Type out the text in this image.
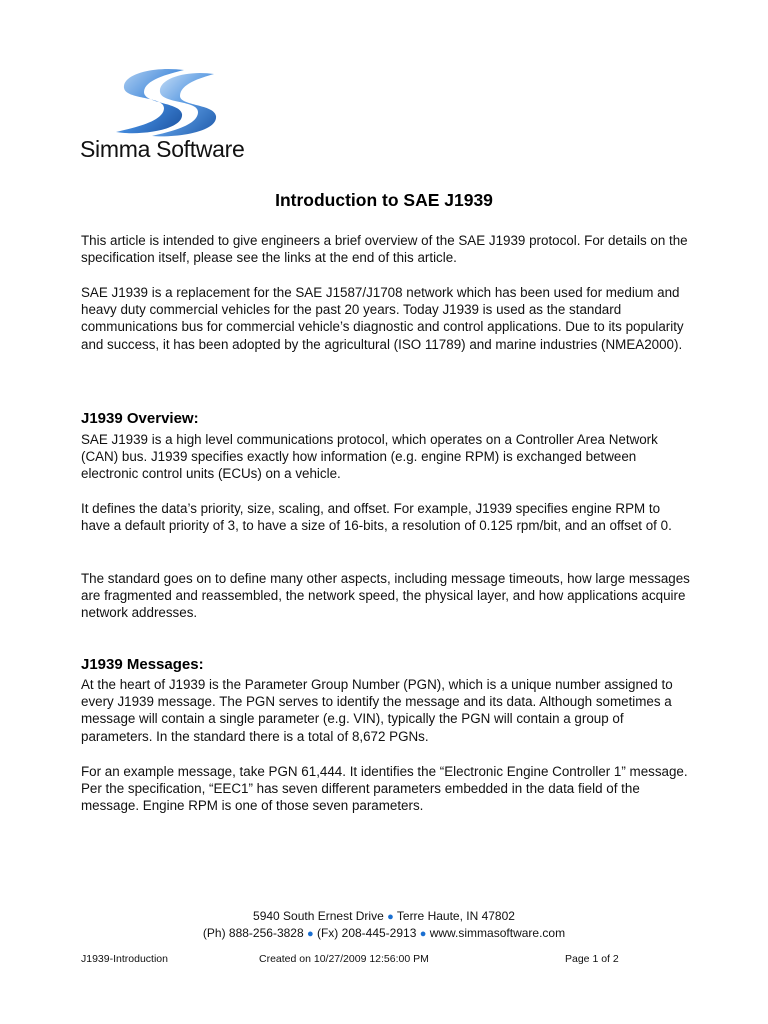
Simma Software
Introduction to SAE J1939

This article is intended to give engineers a brief overview of the SAE J1939 protocol. For details on the specification itself, please see the links at the end of this article.

SAE J1939 is a replacement for the SAE J1587/J1708 network which has been used for medium and heavy duty commercial vehicles for the past 20 years. Today J1939 is used as the standard communications bus for commercial vehicle’s diagnostic and control applications. Due to its popularity and success, it has been adopted by the agricultural (ISO 11789) and marine industries (NMEA2000).

J1939 Overview:

SAE J1939 is a high level communications protocol, which operates on a Controller Area Network (CAN) bus. J1939 specifies exactly how information (e.g. engine RPM) is exchanged between electronic control units (ECUs) on a vehicle.

It defines the data’s priority, size, scaling, and offset. For example, J1939 specifies engine RPM to have a default priority of 3, to have a size of 16-bits, a resolution of 0.125 rpm/bit, and an offset of 0.

The standard goes on to define many other aspects, including message timeouts, how large messages are fragmented and reassembled, the network speed, the physical layer, and how applications acquire network addresses.

J1939 Messages:

At the heart of J1939 is the Parameter Group Number (PGN), which is a unique number assigned to every J1939 message. The PGN serves to identify the message and its data. Although sometimes a message will contain a single parameter (e.g. VIN), typically the PGN will contain a group of parameters. In the standard there is a total of 8,672 PGNs.

For an example message, take PGN 61,444. It identifies the “Electronic Engine Controller 1” message. Per the specification, “EEC1” has seven different parameters embedded in the data field of the message. Engine RPM is one of those seven parameters.

5940 South Ernest Drive ● Terre Haute, IN 47802
(Ph) 888-256-3828 ● (Fx) 208-445-2913 ● www.simmasoftware.com
J1939-Introduction	Created on 10/27/2009 12:56:00 PM	Page 1 of 2
